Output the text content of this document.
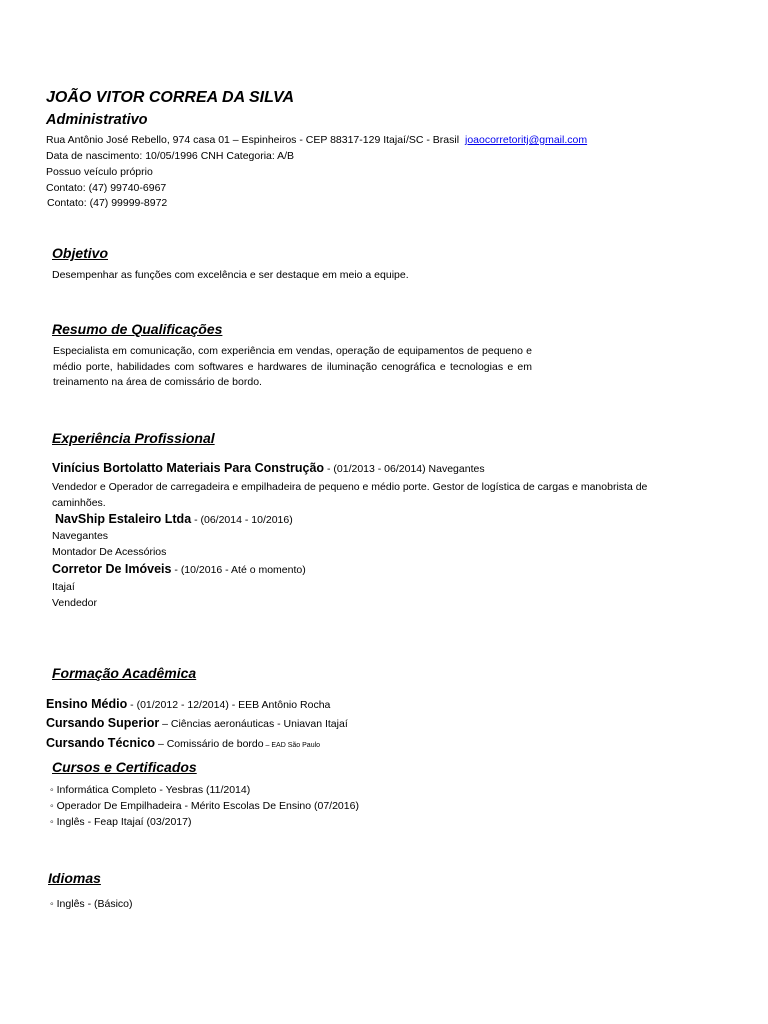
JOÃO VITOR CORREA DA SILVA
Administrativo
Rua Antônio José Rebello, 974 casa 01 – Espinheiros - CEP 88317-129 Itajaí/SC - Brasil joaocorretoritj@gmail.com
Data de nascimento: 10/05/1996 CNH Categoria: A/B
Possuo veículo próprio
Contato: (47) 99740-6967
Contato: (47) 99999-8972
Objetivo
Desempenhar as funções com excelência e ser destaque em meio a equipe.
Resumo de Qualificações
Especialista em comunicação, com experiência em vendas, operação de equipamentos de pequeno e médio porte, habilidades com softwares e hardwares de iluminação cenográfica e tecnologias e em treinamento na área de comissário de bordo.
Experiência Profissional
Vinícius Bortolatto Materiais Para Construção - (01/2013 - 06/2014) Navegantes
Vendedor e Operador de carregadeira e empilhadeira de pequeno e médio porte. Gestor de logística de cargas e manobrista de caminhões.
NavShip Estaleiro Ltda - (06/2014 - 10/2016)
Navegantes
Montador De Acessórios
Corretor De Imóveis - (10/2016 - Até o momento)
Itajaí
Vendedor
Formação Acadêmica
Ensino Médio - (01/2012 - 12/2014) - EEB Antônio Rocha
Cursando Superior – Ciências aeronáuticas - Uniavan Itajaí
Cursando Técnico – Comissário de bordo – EAD São Paulo
Cursos e Certificados
◦ Informática Completo - Yesbras (11/2014)
◦ Operador De Empilhadeira - Mérito Escolas De Ensino (07/2016)
◦ Inglês - Feap Itajaí (03/2017)
Idiomas
◦ Inglês - (Básico)
